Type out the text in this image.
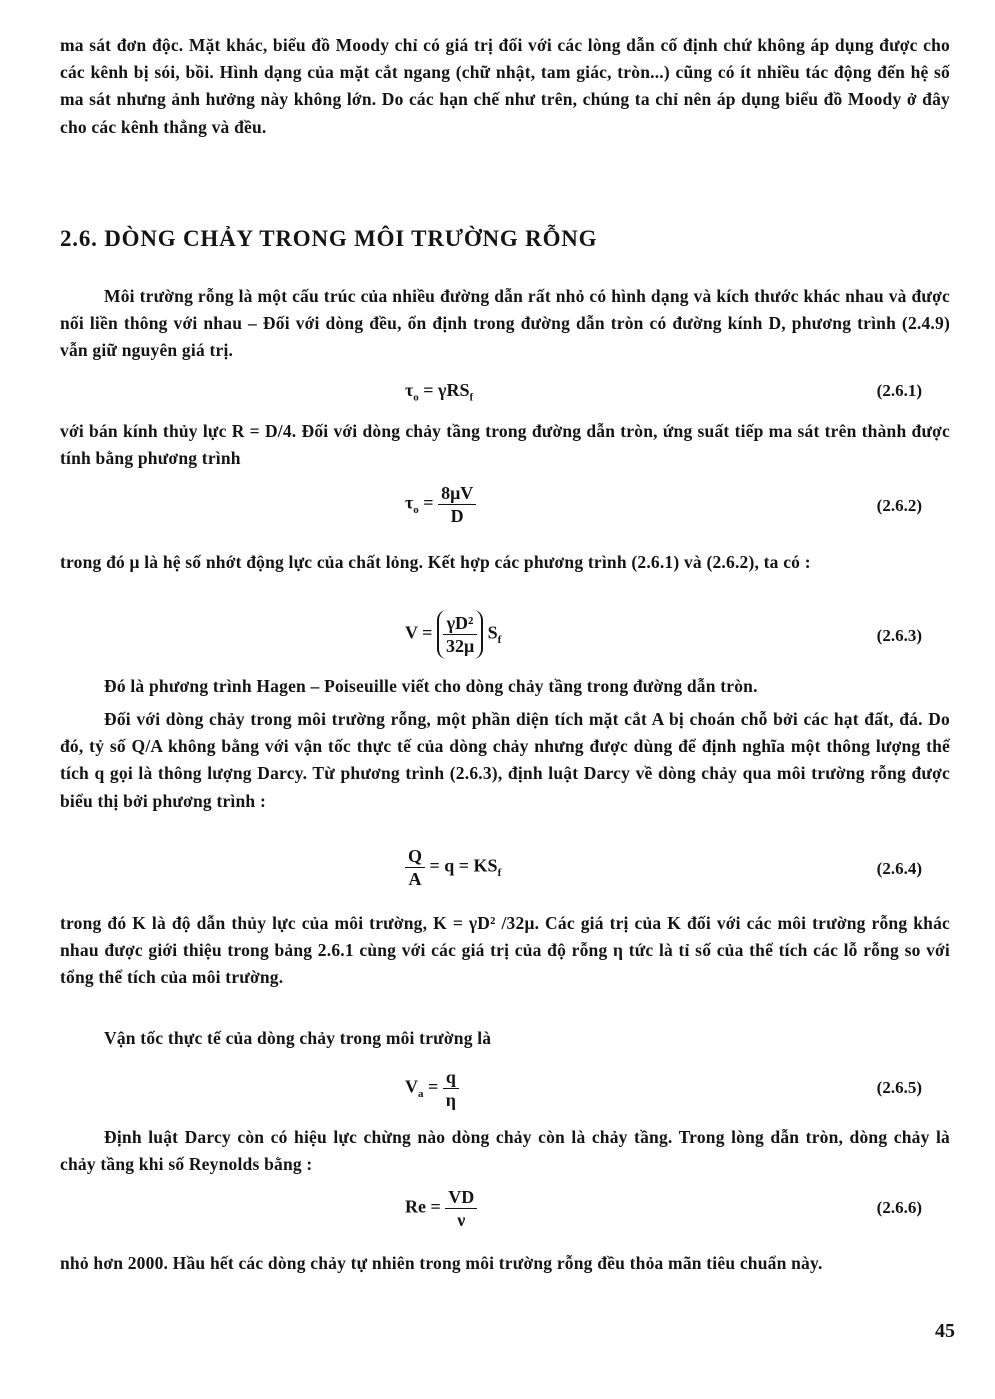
ma sát đơn độc. Mặt khác, biểu đồ Moody chỉ có giá trị đối với các lòng dẫn cố định chứ không áp dụng được cho các kênh bị sói, bồi. Hình dạng của mặt cắt ngang (chữ nhật, tam giác, tròn...) cũng có ít nhiều tác động đến hệ số ma sát nhưng ảnh hưởng này không lớn. Do các hạn chế như trên, chúng ta chỉ nên áp dụng biểu đồ Moody ở đây cho các kênh thẳng và đều.
2.6. DÒNG CHẢY TRONG MÔI TRƯỜNG RỖNG
Môi trường rỗng là một cấu trúc của nhiều đường dẫn rất nhỏ có hình dạng và kích thước khác nhau và được nối liền thông với nhau – Đối với dòng đều, ổn định trong đường dẫn tròn có đường kính D, phương trình (2.4.9) vẫn giữ nguyên giá trị.
$\tau_o = \gamma RS_f$	(2.6.1)
với bán kính thủy lực R = D/4. Đối với dòng chảy tầng trong đường dẫn tròn, ứng suất tiếp ma sát trên thành được tính bằng phương trình
$\tau_o = \frac{8\mu V}{D}$	(2.6.2)
trong đó μ là hệ số nhớt động lực của chất lỏng. Kết hợp các phương trình (2.6.1) và (2.6.2), ta có :
$V = \frac{\text{γD²}}{32\mu} S_f$	(2.6.3)
Đó là phương trình Hagen – Poiseuille viết cho dòng chảy tầng trong đường dẫn tròn.
Đối với dòng chảy trong môi trường rỗng, một phần diện tích mặt cắt A bị choán chỗ bởi các hạt đất, đá. Do đó, tỷ số Q/A không bằng với vận tốc thực tế của dòng chảy nhưng được dùng để định nghĩa một thông lượng thể tích q gọi là thông lượng Darcy. Từ phương trình (2.6.3), định luật Darcy về dòng chảy qua môi trường rỗng được biểu thị bởi phương trình :
$\frac{Q}{A} = q = KS_f$	(2.6.4)
trong đó K là độ dẫn thủy lực của môi trường, K = γD² /32μ. Các giá trị của K đối với các môi trường rỗng khác nhau được giới thiệu trong bảng 2.6.1 cùng với các giá trị của độ rỗng η tức là tỉ số của thể tích các lỗ rỗng so với tổng thể tích của môi trường.
Vận tốc thực tế của dòng chảy trong môi trường là
$V_a = \frac{q}{\eta}$	(2.6.5)
Định luật Darcy còn có hiệu lực chừng nào dòng chảy còn là chảy tầng. Trong lòng dẫn tròn, dòng chảy là chảy tầng khi số Reynolds bằng :
$Re = \frac{VD}{\nu}$	(2.6.6)
nhỏ hơn 2000. Hầu hết các dòng chảy tự nhiên trong môi trường rỗng đều thỏa mãn tiêu chuẩn này.
45
